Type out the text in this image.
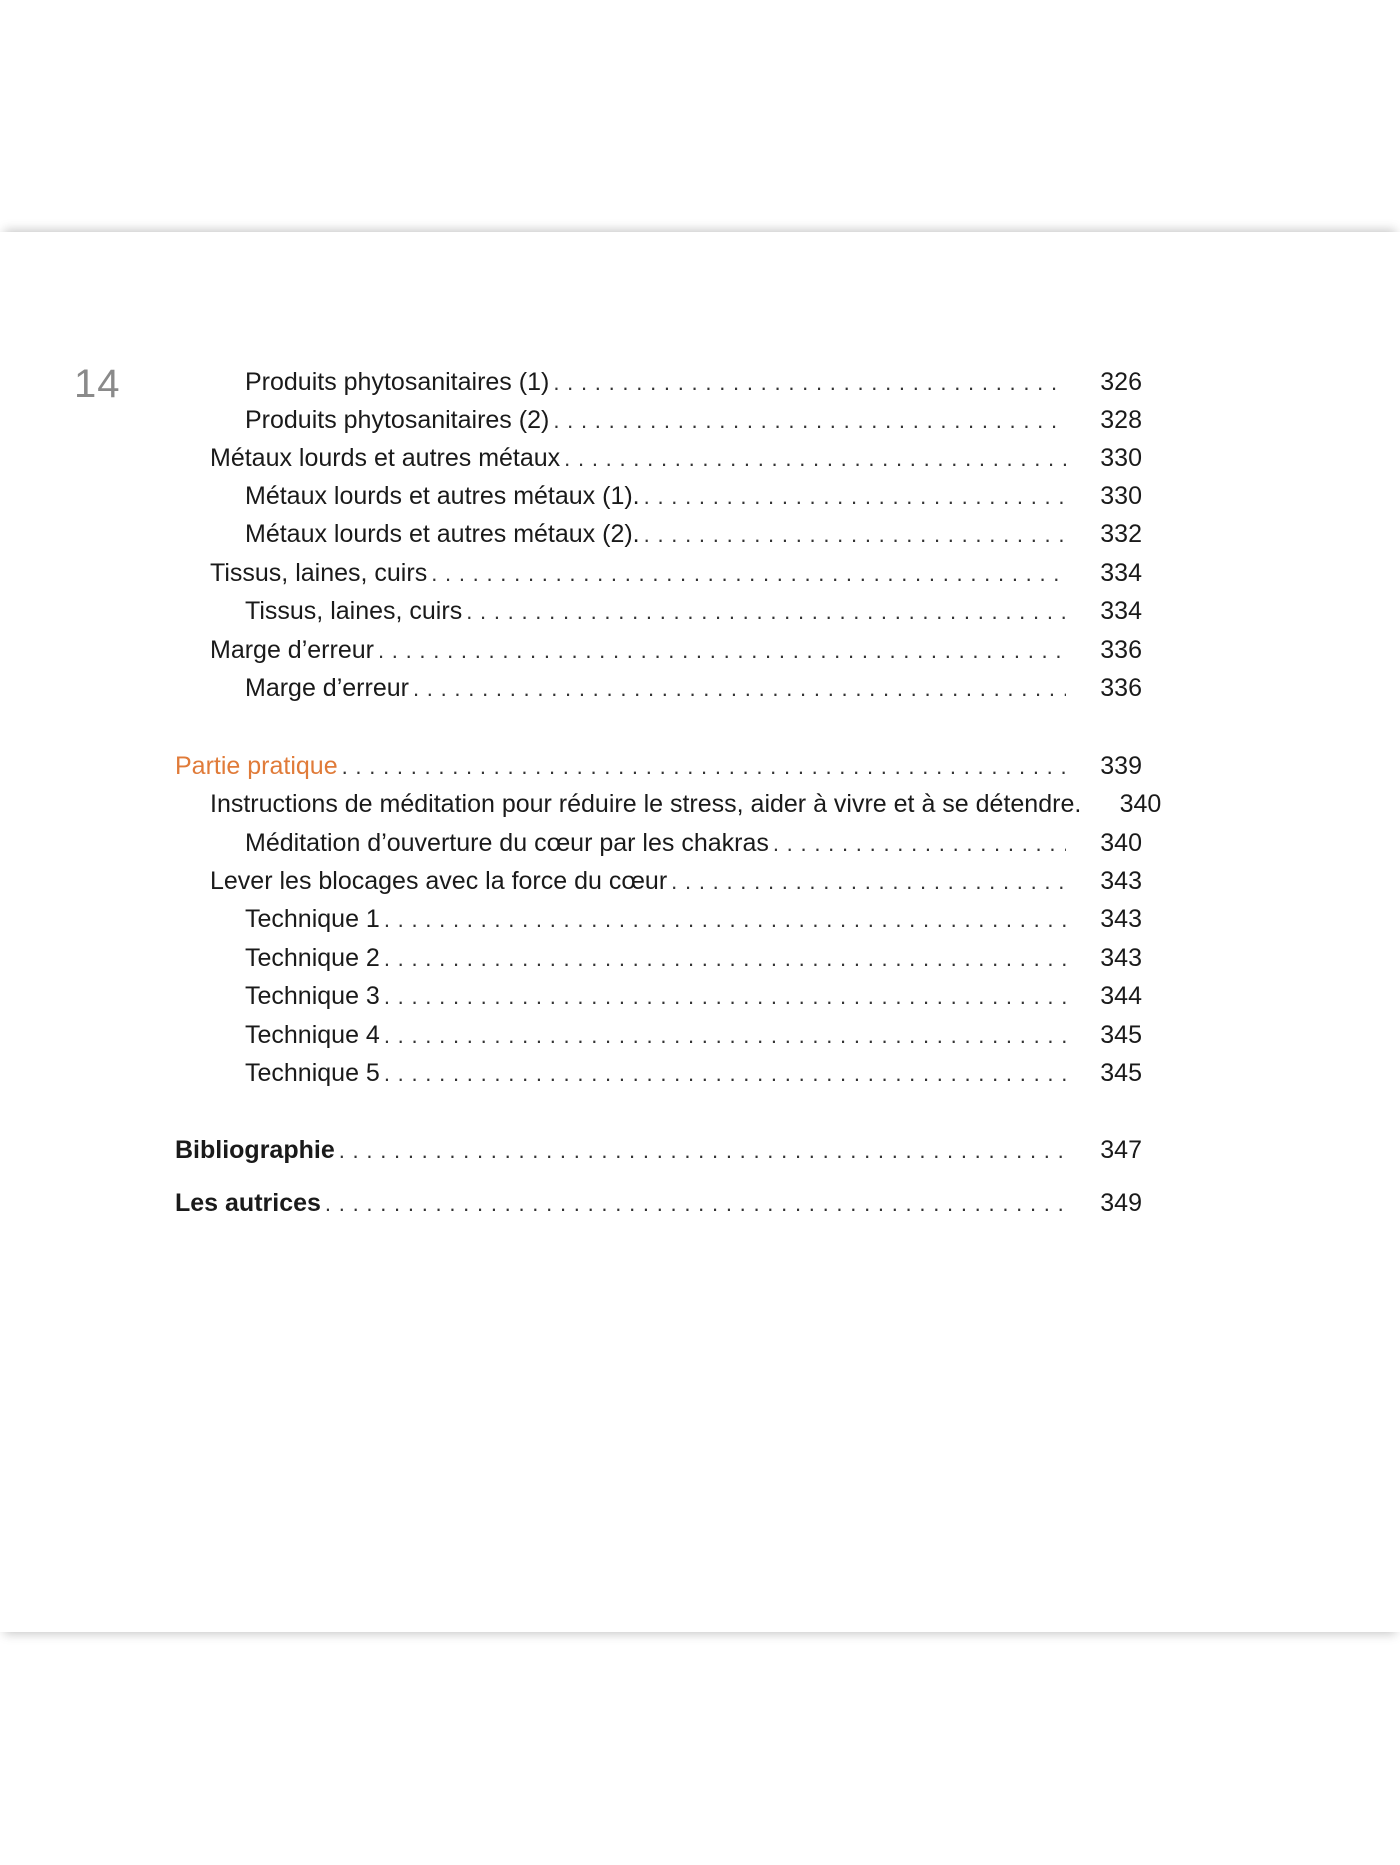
14	Produits phytosanitaires (1) . . .	326
Produits phytosanitaires (2) . . .	328
Métaux lourds et autres métaux . . .	330
Métaux lourds et autres métaux (1). . . .	330
Métaux lourds et autres métaux (2). . . .	332
Tissus, laines, cuirs . . .	334
Tissus, laines, cuirs . . .	334
Marge d’erreur . . .	336
Marge d’erreur . . .	336
Partie pratique . . .	339
Instructions de méditation pour réduire le stress, aider à vivre et à se détendre.	340
Méditation d’ouverture du cœur par les chakras . . .	340
Lever les blocages avec la force du cœur . . .	343
Technique 1 . . .	343
Technique 2 . . .	343
Technique 3 . . .	344
Technique 4 . . .	345
Technique 5 . . .	345
Bibliographie . . .	347
Les autrices . . .	349
